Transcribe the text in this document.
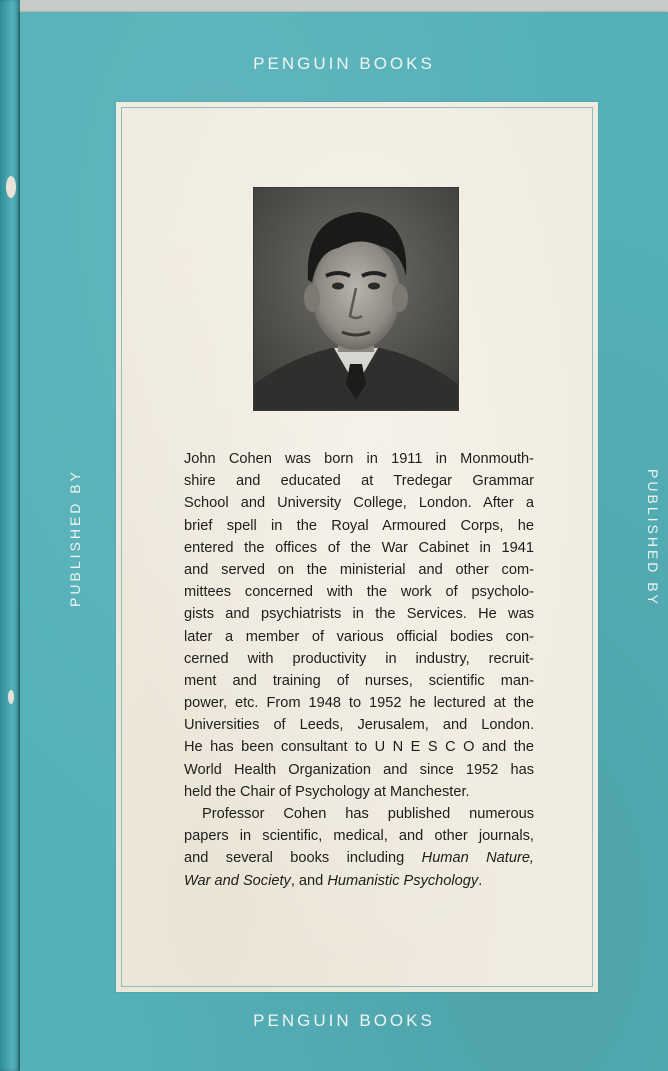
PENGUIN BOOKS
PUBLISHED BY	PUBLISHED BY
John Cohen was born in 1911 in Monmouth-
shire and educated at Tredegar Grammar
School and University College, London. After a
brief spell in the Royal Armoured Corps, he
entered the offices of the War Cabinet in 1941
and served on the ministerial and other com-
mittees concerned with the work of psycholo-
gists and psychiatrists in the Services. He was
later a member of various official bodies con-
cerned with productivity in industry, recruit-
ment and training of nurses, scientific man-
power, etc. From 1948 to 1952 he lectured at the
Universities of Leeds, Jerusalem, and London.
He has been consultant to U N E S C O and the
World Health Organization and since 1952 has
held the Chair of Psychology at Manchester.
Professor Cohen has published numerous
papers in scientific, medical, and other journals,
and several books including Human Nature,
War and Society, and Humanistic Psychology.
PENGUIN BOOKS
